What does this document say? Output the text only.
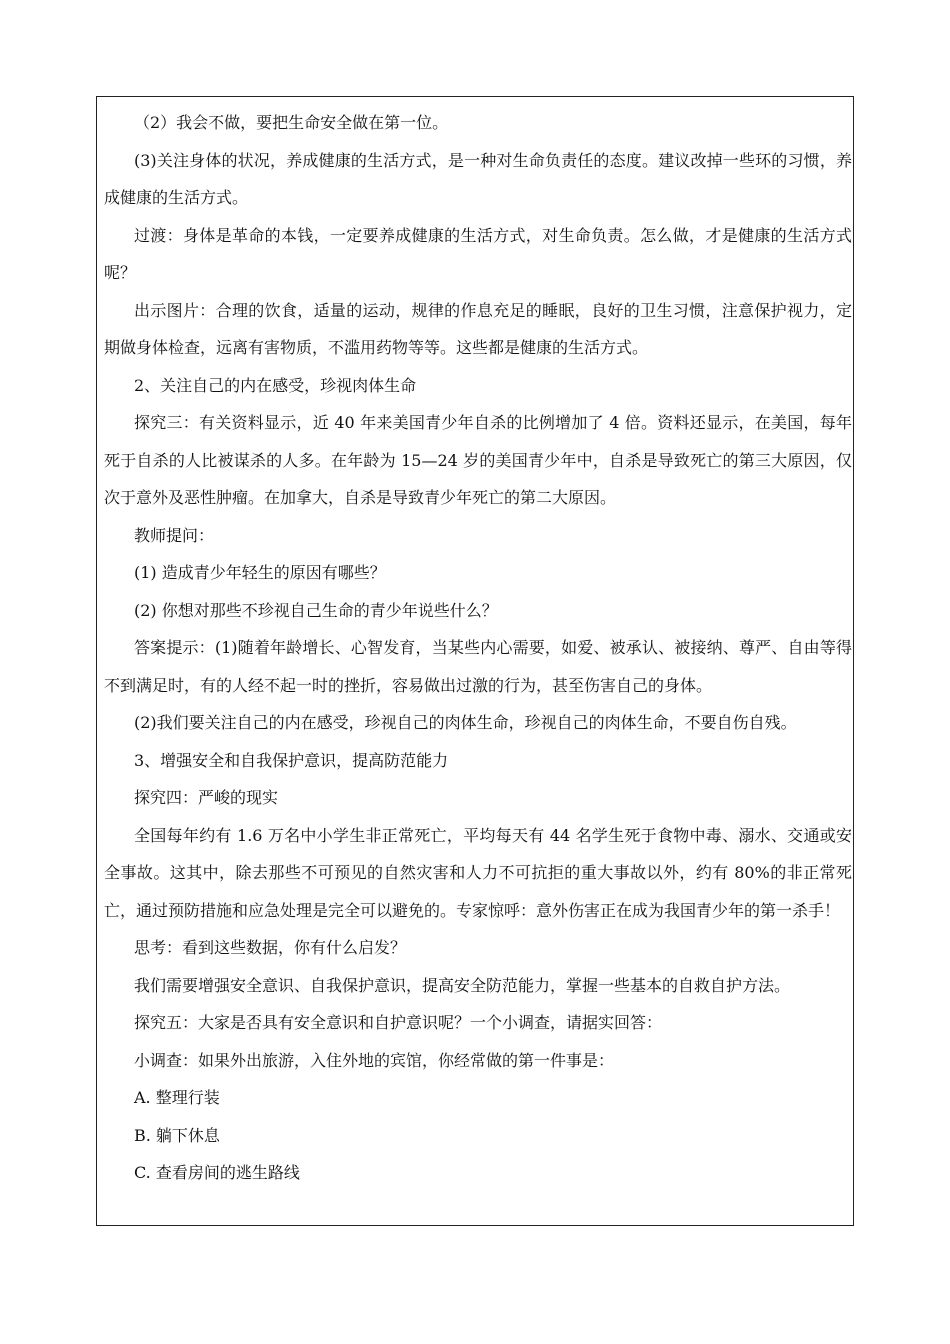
（2）我会不做，要把生命安全做在第一位。

(3)关注身体的状况，养成健康的生活方式，是一种对生命负责任的态度。建议改掉一些环的习惯，养成健康的生活方式。

过渡：身体是革命的本钱，一定要养成健康的生活方式，对生命负责。怎么做，才是健康的生活方式呢？

出示图片：合理的饮食，适量的运动，规律的作息充足的睡眠，良好的卫生习惯，注意保护视力，定期做身体检查，远离有害物质，不滥用药物等等。这些都是健康的生活方式。

2、关注自己的内在感受，珍视肉体生命

探究三：有关资料显示，近 40 年来美国青少年自杀的比例增加了 4 倍。资料还显示，在美国，每年死于自杀的人比被谋杀的人多。在年龄为 15—24 岁的美国青少年中，自杀是导致死亡的第三大原因，仅次于意外及恶性肿瘤。在加拿大，自杀是导致青少年死亡的第二大原因。

教师提问：

(1) 造成青少年轻生的原因有哪些？

(2) 你想对那些不珍视自己生命的青少年说些什么？

答案提示：(1)随着年龄增长、心智发育，当某些内心需要，如爱、被承认、被接纳、尊严、自由等得不到满足时，有的人经不起一时的挫折，容易做出过激的行为，甚至伤害自己的身体。

(2)我们要关注自己的内在感受，珍视自己的肉体生命，珍视自己的肉体生命，不要自伤自残。

3、增强安全和自我保护意识，提高防范能力

探究四：严峻的现实

全国每年约有 1.6 万名中小学生非正常死亡，平均每天有 44 名学生死于食物中毒、溺水、交通或安全事故。这其中，除去那些不可预见的自然灾害和人力不可抗拒的重大事故以外，约有 80%的非正常死亡，通过预防措施和应急处理是完全可以避免的。专家惊呼：意外伤害正在成为我国青少年的第一杀手！

思考：看到这些数据，你有什么启发？

我们需要增强安全意识、自我保护意识，提高安全防范能力，掌握一些基本的自救自护方法。

探究五：大家是否具有安全意识和自护意识呢？一个小调查，请据实回答：

小调查：如果外出旅游，入住外地的宾馆，你经常做的第一件事是：

A. 整理行装

B. 躺下休息

C. 查看房间的逃生路线
